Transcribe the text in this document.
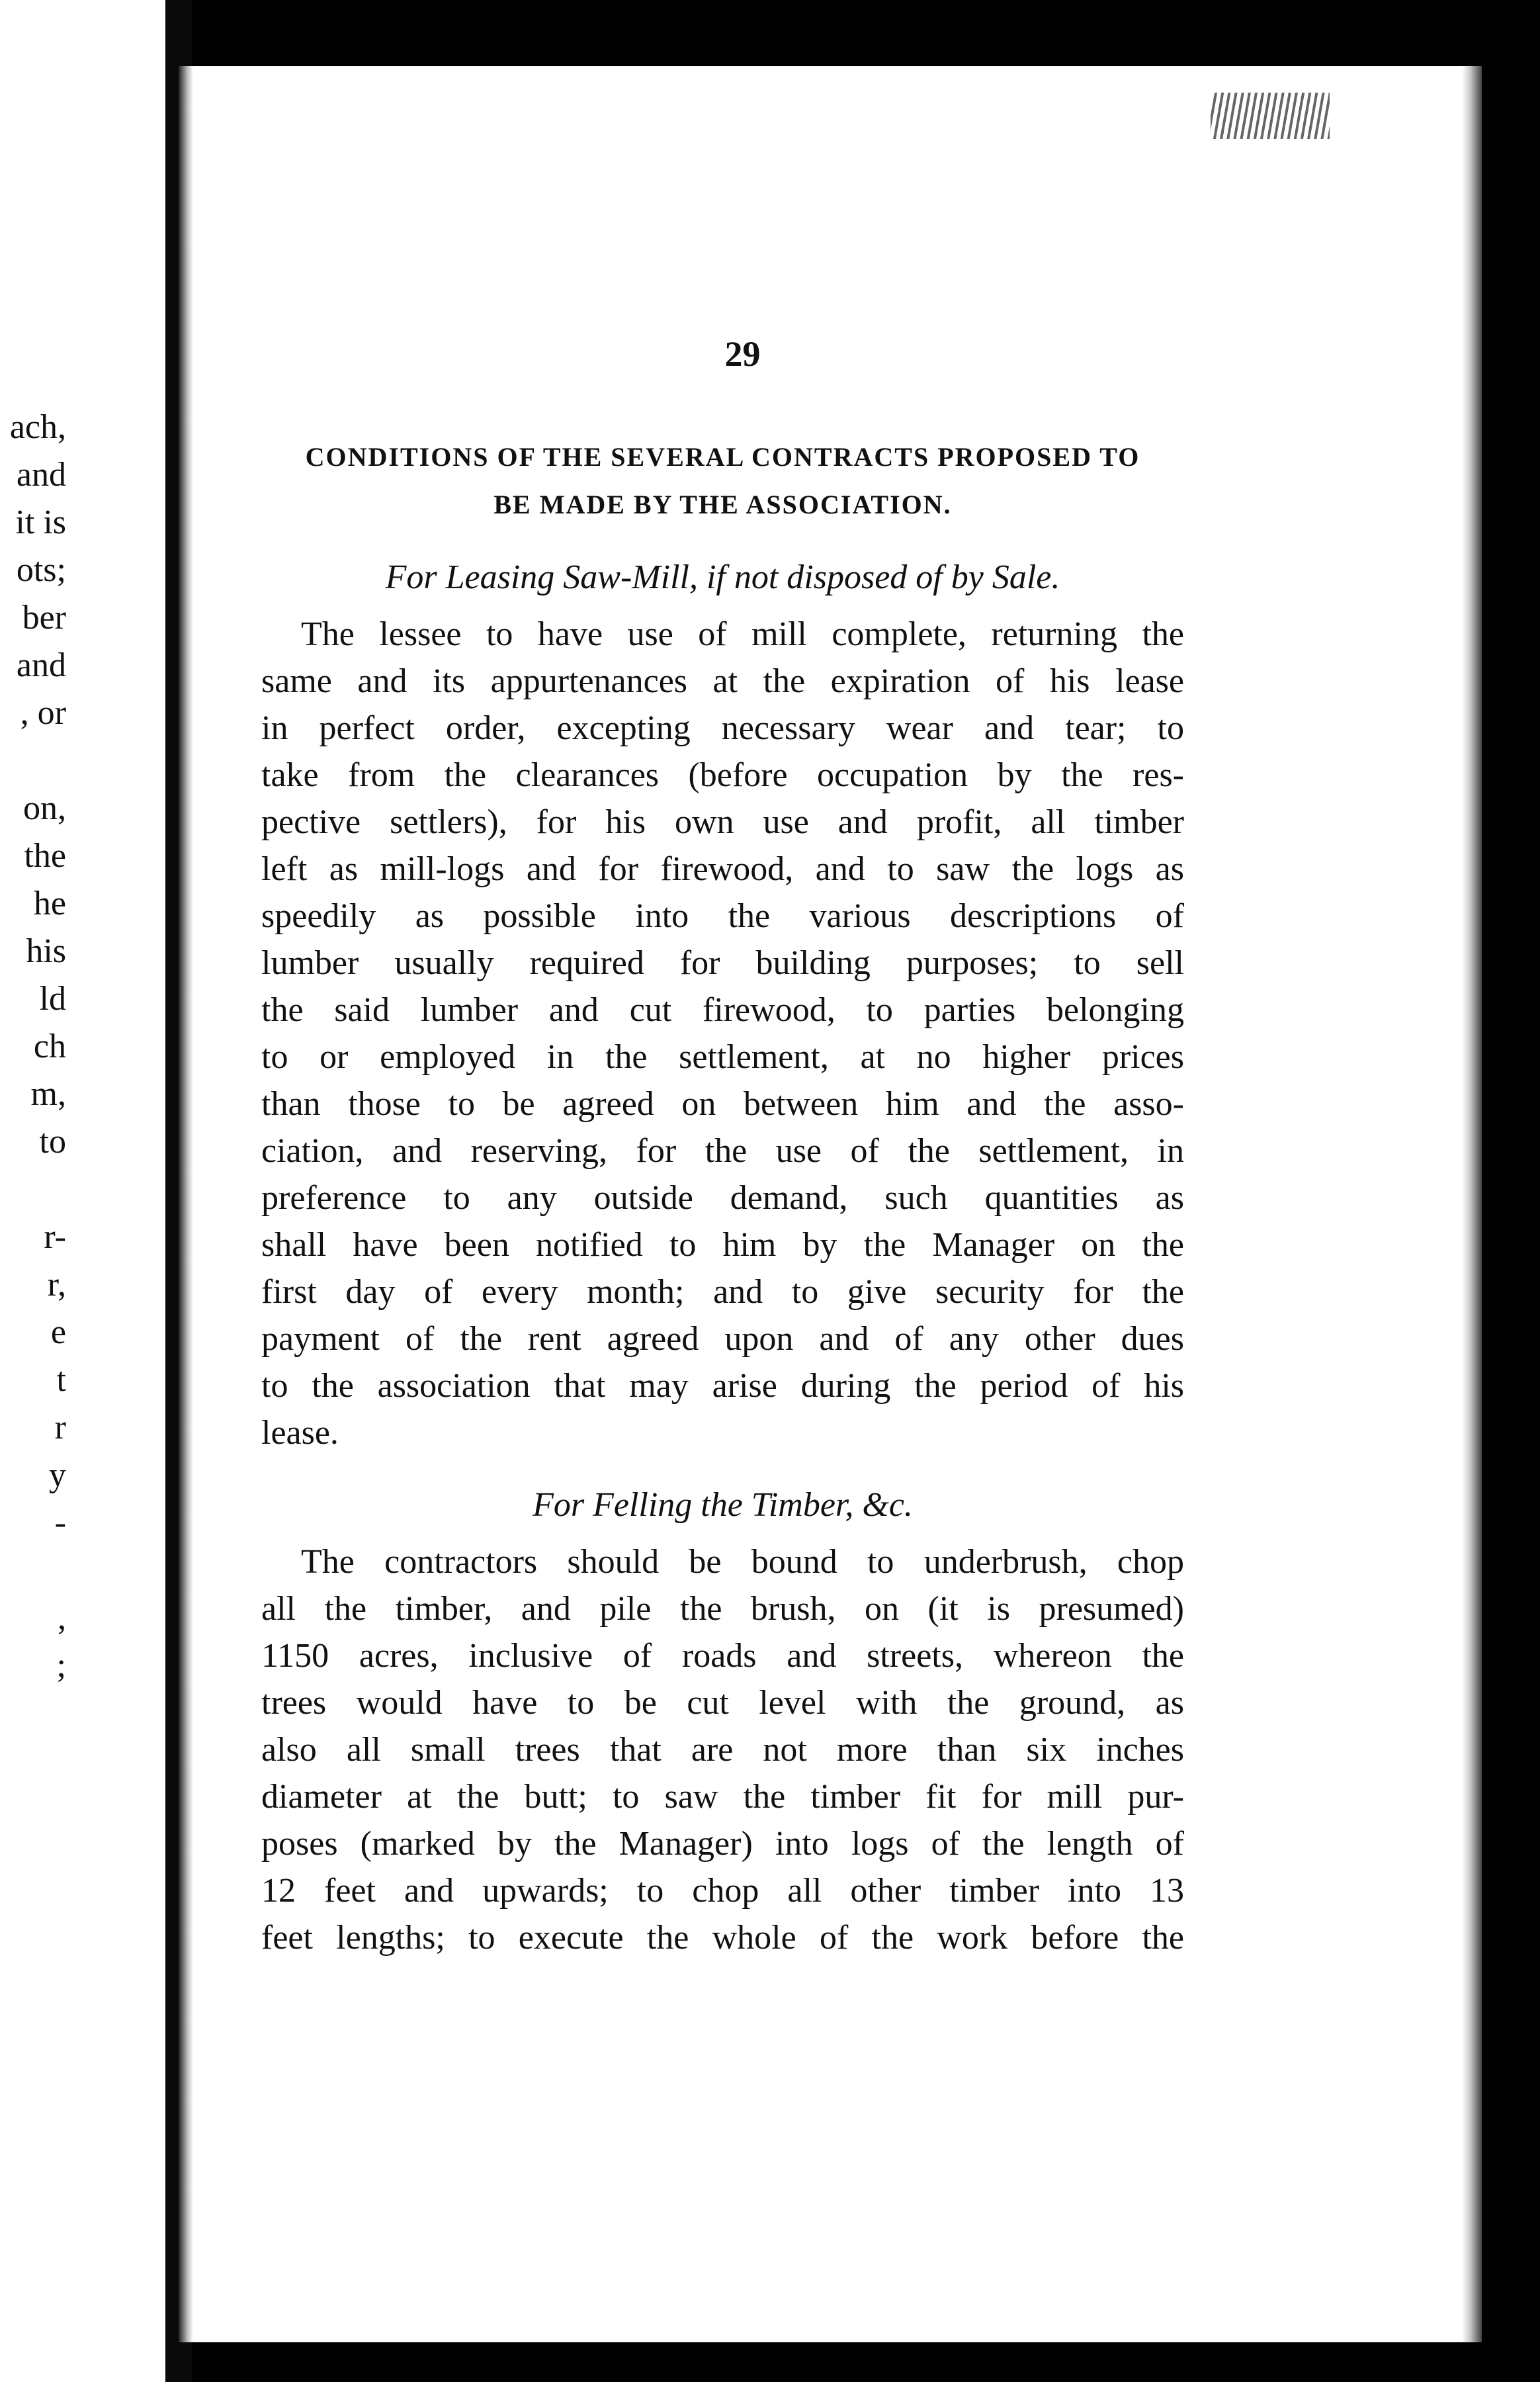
ach,
and
it is
ots;
ber
and
, or
on,
the
he
his
ld
ch
m,
to
r-
r,
e
t
r
y
-
,
;
29
CONDITIONS OF THE SEVERAL CONTRACTS PROPOSED TO
BE MADE BY THE ASSOCIATION.
For Leasing Saw-Mill, if not disposed of by Sale.
The lessee to have use of mill complete, returning the
same and its appurtenances at the expiration of his lease
in perfect order, excepting necessary wear and tear; to
take from the clearances (before occupation by the res-
pective settlers), for his own use and profit, all timber
left as mill-logs and for firewood, and to saw the logs as
speedily as possible into the various descriptions of
lumber usually required for building purposes; to sell
the said lumber and cut firewood, to parties belonging
to or employed in the settlement, at no higher prices
than those to be agreed on between him and the asso-
ciation, and reserving, for the use of the settlement, in
preference to any outside demand, such quantities as
shall have been notified to him by the Manager on the
first day of every month; and to give security for the
payment of the rent agreed upon and of any other dues
to the association that may arise during the period of his
lease.
For Felling the Timber, &c.
The contractors should be bound to underbrush, chop
all the timber, and pile the brush, on (it is presumed)
1150 acres, inclusive of roads and streets, whereon the
trees would have to be cut level with the ground, as
also all small trees that are not more than six inches
diameter at the butt; to saw the timber fit for mill pur-
poses (marked by the Manager) into logs of the length of
12 feet and upwards; to chop all other timber into 13
feet lengths; to execute the whole of the work before the
